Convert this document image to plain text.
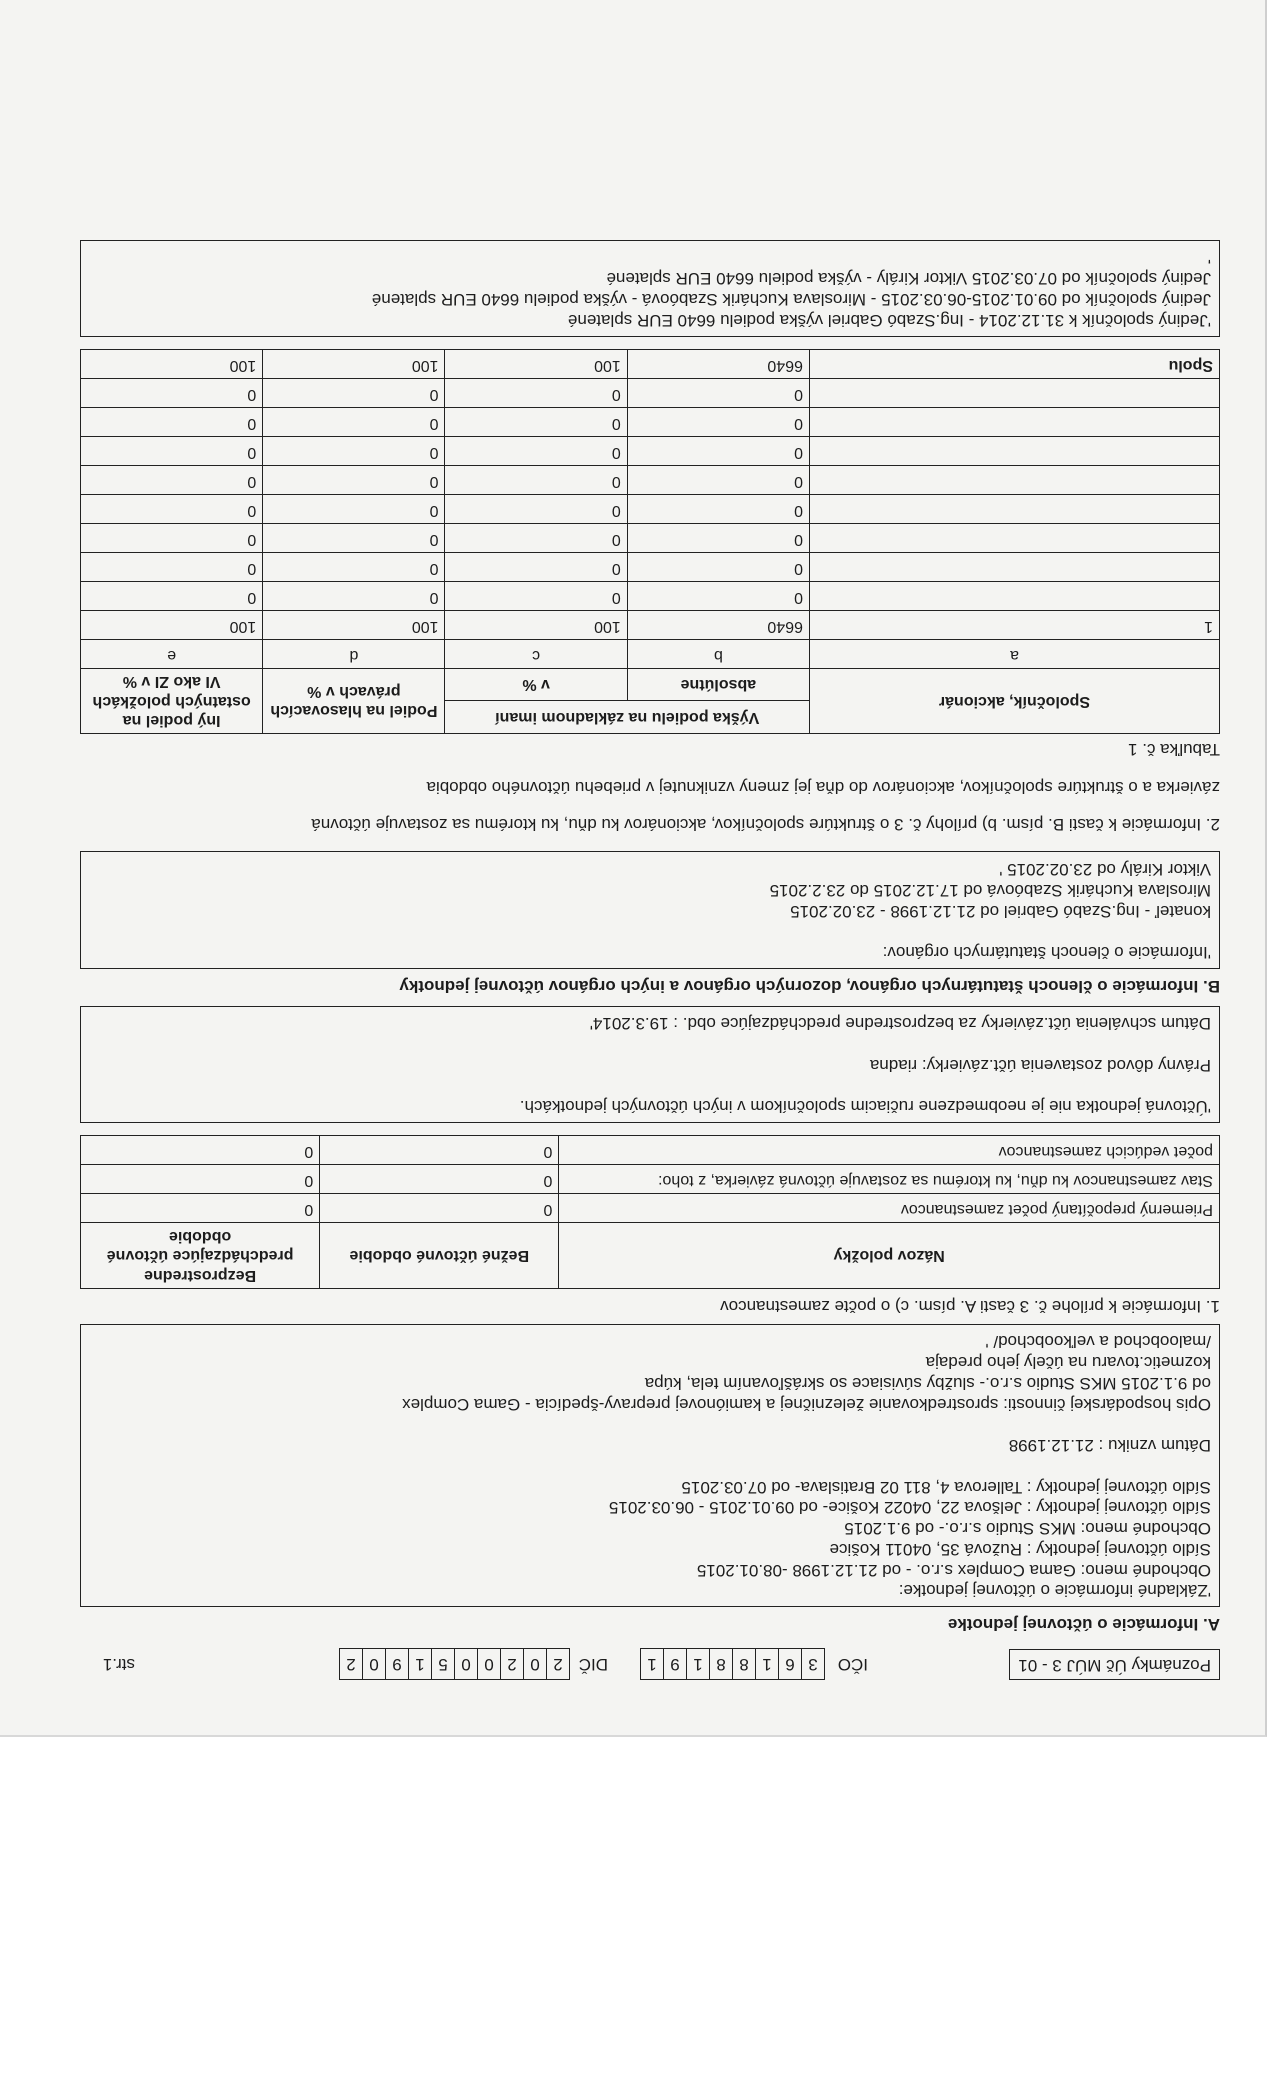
Poznámky Úč MÚJ 3 - 01
IČO
3
6
1
8
8
1
9
1
DIČ
2
0
2
0
0
5
1
9
0
2
str.1
A. Informácie o účtovnej jednotke

'Základné informácie o účtovnej jednotke:

Obchodné meno: Gama Complex s.r.o. - od 21.12.1998 -08.01.2015

Sídlo účtovnej jednotky : Ružová 35, 04011 Košice

Obchodné meno: MKS Studio s.r.o.- od 9.1.2015

Sídlo účtovnej jednotky : Jelšova 22, 04022 Košice- od 09.01.2015 - 06.03.2015

Sídlo účtovnej jednotky : Tallerova 4, 811 02 Bratislava- od 07.03.2015

Dátum vzniku : 21.12.1998

Opis hospodárskej činnosti: sprostredkovanie železničnej a kamiónovej prepravy-špedícia - Gama Complex

od 9.1.2015 MKS Studio s.r.o.- služby súvisiace so skrášľovaním tela, kúpa

kozmetic.tovaru na účely jeho predaja

/maloobchod a veľkoobchod/ '

1. Informácie k prílohe č. 3 časti A. písm. c) o počte zamestnancov
Názov položky	Bežné účtovné obdobie	Bezprostredne predchádzajúce účtovné obdobie
Priemerný prepočítaný počet zamestnancov	0	0
Stav zamestnancov ku dňu, ku ktorému sa zostavuje účtovná závierka, z toho:	0	0
počet vedúcich zamestnancov	0	0

'Účtovná jednotka nie je neobmedzene ručiacim spoločníkom v iných účtovných jednotkách.

Právny dôvod zostavenia účt.závierky: riadna

Dátum schválenia účt.závierky za bezprostredne predchádzajúce obd. : 19.3.2014'

B. Informácie o členoch štatutárnych orgánov, dozorných orgánov a iných orgánov účtovnej jednotky

'Informácie o členoch štatutárnych orgánov:

konateľ - Ing.Szabó Gabriel od 21.12.1998 - 23.02.2015

Miroslava Kuchárik Szabóová od 17.12.2015 do 23.2.2015

Viktor Király od 23.02.2015 '

2. Informácie k časti B. písm. b) prílohy č. 3 o štruktúre spoločníkov, akcionárov ku dňu, ku ktorému sa zostavuje účtovná

závierka a o štruktúre spoločníkov, akcionárov do dňa jej zmeny vzniknutej v priebehu účtovného obdobia

Tabuľka č. 1
Spoločník, akcionár	Výška podielu na základnom imaní		Podiel na hlasovacích právach v %	Iný podiel na ostatných položkách VI ako ZI v %
	absolútne	v %		
a	b	c	d	e
1	6640	100	100	100
	0	0	0	0
	0	0	0	0
	0	0	0	0
	0	0	0	0
	0	0	0	0
	0	0	0	0
	0	0	0	0
	0	0	0	0
Spolu	6640	100	100	100

'Jediný spoločník k 31.12.2014 - Ing.Szabó Gabriel výška podielu 6640 EUR splatené

Jediný spoločník od 09.01.2015-06.03.2015 - Miroslava Kuchárik Szabóová - výška podielu 6640 EUR splatené

Jediný spoločník od 07.03.2015 Viktor Király - výška podielu 6640 EUR splatené

'
